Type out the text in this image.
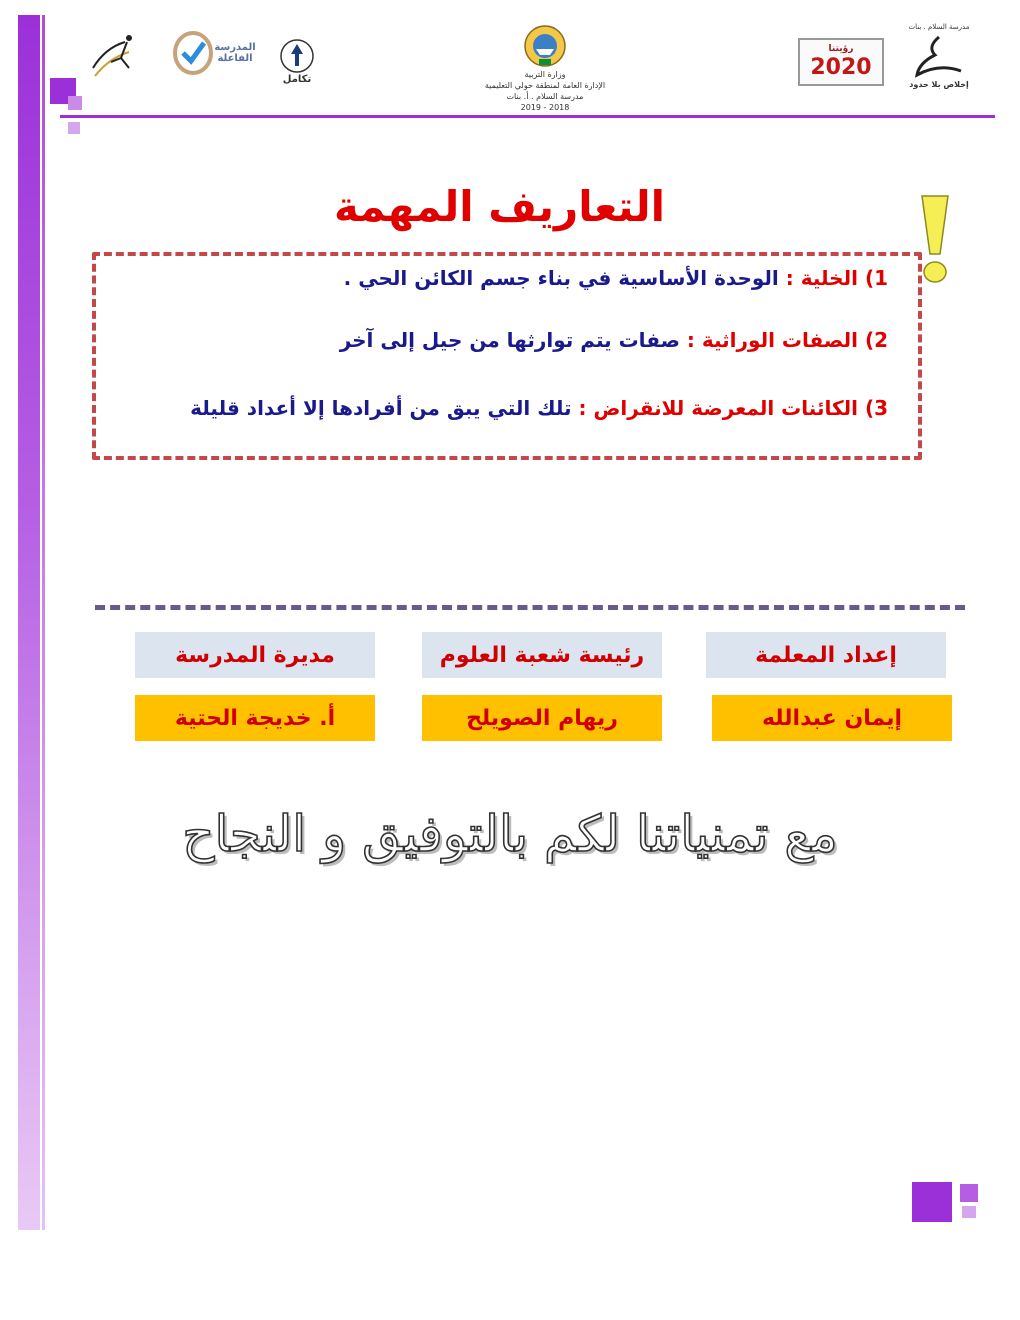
المدرسة الفاعلة
تكامل	وزارة التربية
الإدارة العامة لمنطقة حولي التعليمية
مدرسة السلام . أ. بنات
2018 - 2019
رؤيتنا
2020
مدرسة السلام . بنات
إخلاص بلا حدود
التعاريف المهمة
1) الخلية : الوحدة الأساسية في بناء جسم الكائن الحي .
2) الصفات الوراثية : صفات يتم توارثها من جيل إلى آخر
3) الكائنات المعرضة للانقراض : تلك التي يبق من أفرادها إلا أعداد قليلة
إعداد المعلمة
رئيسة شعبة العلوم
مديرة المدرسة
إيمان عبدالله
ريهام الصويلح
أ. خديجة الحتية
مع تمنياتنا لكم بالتوفيق و النجاح
